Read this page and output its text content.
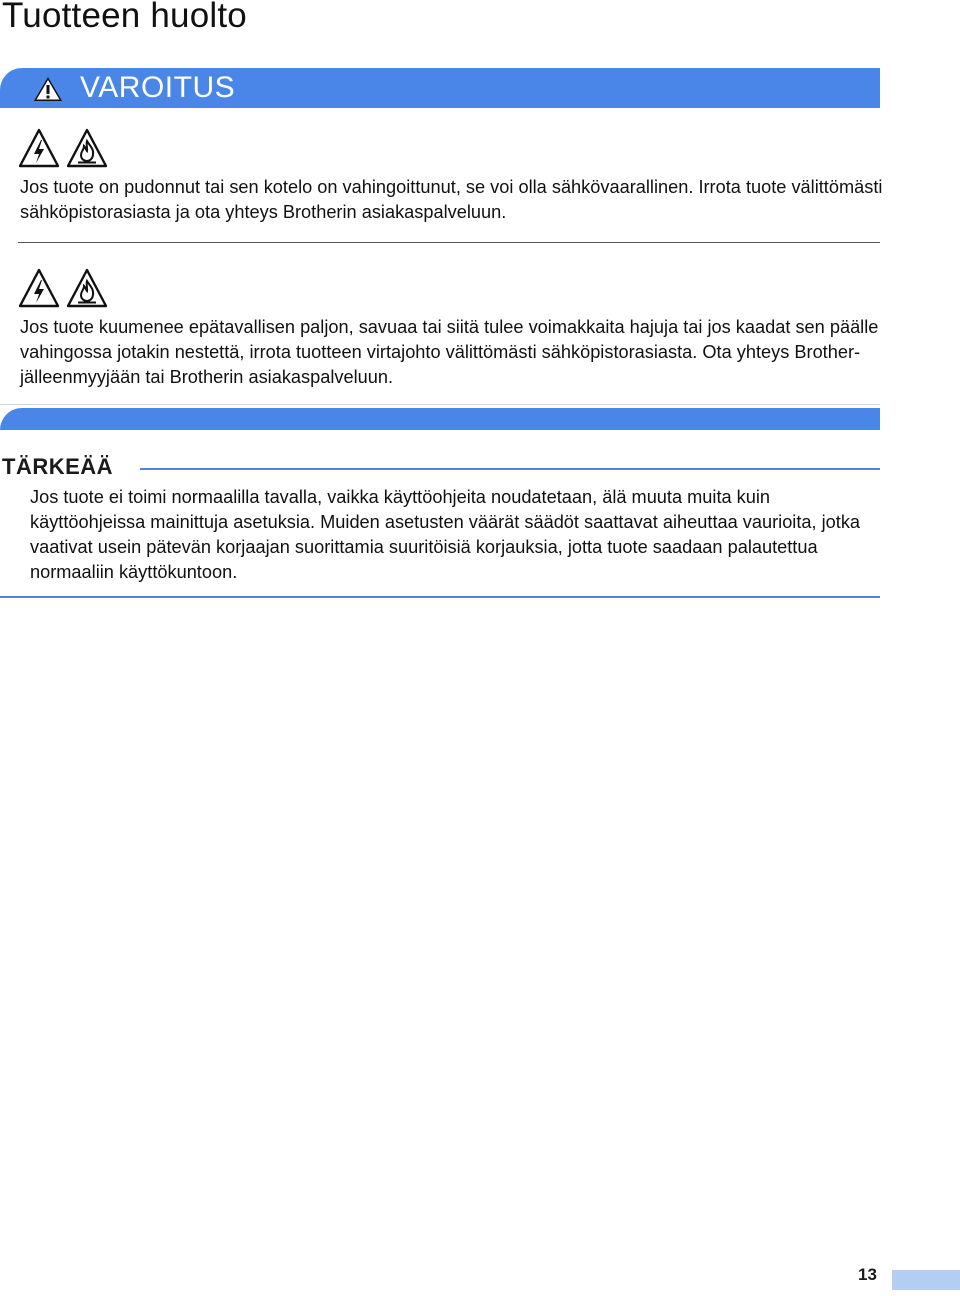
Tuotteen huolto
VAROITUS

Jos tuote on pudonnut tai sen kotelo on vahingoittunut, se voi olla sähkövaarallinen. Irrota tuote välittömästi sähköpistorasiasta ja ota yhteys Brotherin asiakaspalveluun.

Jos tuote kuumenee epätavallisen paljon, savuaa tai siitä tulee voimakkaita hajuja tai jos kaadat sen päälle vahingossa jotakin nestettä, irrota tuotteen virtajohto välittömästi sähköpistorasiasta. Ota yhteys Brother-jälleenmyyjään tai Brotherin asiakaspalveluun.

TÄRKEÄÄ

Jos tuote ei toimi normaalilla tavalla, vaikka käyttöohjeita noudatetaan, älä muuta muita kuin käyttöohjeissa mainittuja asetuksia. Muiden asetusten väärät säädöt saattavat aiheuttaa vaurioita, jotka vaativat usein pätevän korjaajan suorittamia suuritöisiä korjauksia, jotta tuote saadaan palautettua normaaliin käyttökuntoon.

13
